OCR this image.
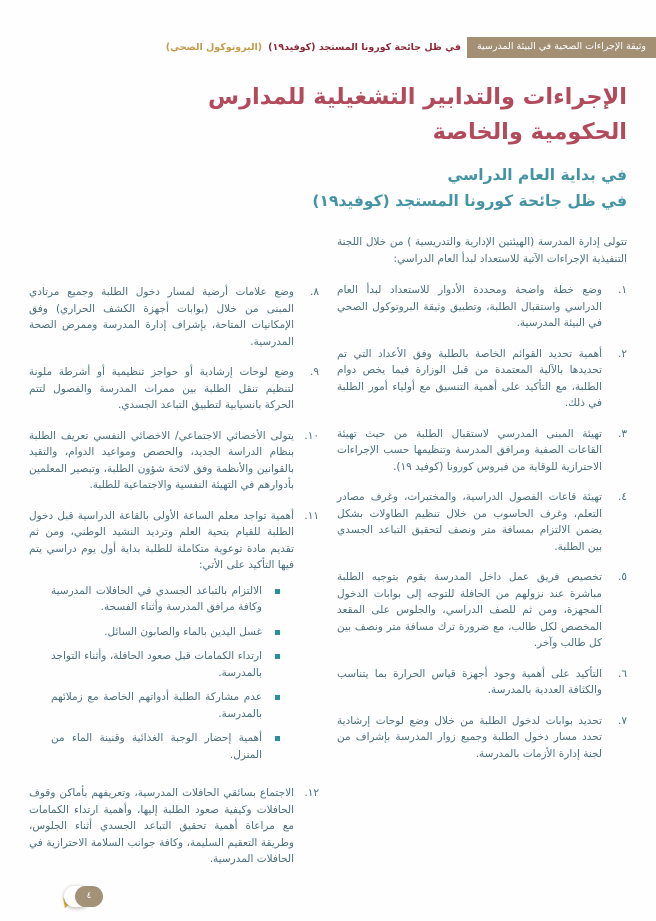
وثيقة الإجراءات الصحية في البيئة المدرسية
في ظل جائحة كورونا المستجد (كوفيد١٩)
(البروتوكول الصحي)
الإجراءات والتدابير التشغيلية للمدارس
الحكومية والخاصة
في بداية العام الدراسي
في ظل جائحة كورونا المستجد (كوفيد١٩)

تتولى إدارة المدرسة (الهيئتين الإدارية والتدريسية ) من خلال اللجنة التنفيذية الإجراءات الآتية للاستعداد لبدأ العام الدراسي:

١.

وضع خطة واضحة ومحددة الأدوار للاستعداد لبدأ العام الدراسي واستقبال الطلبة، وتطبيق وثيقة البروتوكول الصحي في البيئة المدرسية.

٢.

أهمية تحديد القوائم الخاصة بالطلبة وفق الأعداد التي تم تحديدها بالآلية المعتمدة من قبل الوزارة فيما يخص دوام الطلبة، مع التأكيد على أهمية التنسيق مع أولياء أمور الطلبة في ذلك.

٣.

تهيئة المبنى المدرسي لاستقبال الطلبة من حيث تهيئة القاعات الصفية ومرافق المدرسة وتنظيمها حسب الإجراءات الاحترازية للوقاية من فيروس كورونا (كوفيد ١٩).

٤.

تهيئة قاعات الفصول الدراسية، والمختبرات، وغرف مصادر التعلم، وغرف الحاسوب من خلال تنظيم الطاولات بشكل يضمن الالتزام بمسافة متر ونصف لتحقيق التباعد الجسدي بين الطلبة.

٥.

تخصيص فريق عمل داخل المدرسة يقوم بتوجيه الطلبة مباشرة عند نزولهم من الحافلة للتوجه إلى بوابات الدخول المجهزة، ومن ثم للصف الدراسي، والجلوس على المقعد المخصص لكل طالب، مع ضرورة ترك مسافة متر ونصف بين كل طالب وآخر.

٦.

التأكيد على أهمية وجود أجهزة قياس الحرارة بما يتناسب والكثافة العددية بالمدرسة.

٧.

تحديد بوابات لدخول الطلبة من خلال وضع لوحات إرشادية تحدد مسار دخول الطلبة وجميع زوار المدرسة بإشراف من لجنة إدارة الأزمات بالمدرسة.

٨.

وضع علامات أرضية لمسار دخول الطلبة وجميع مرتادي المبنى من خلال (بوابات أجهزة الكشف الحراري) وفق الإمكانيات المتاحة، بإشراف إدارة المدرسة وممرض الصحة المدرسية.

٩.

وضع لوحات إرشادية أو حواجز تنظيمية أو أشرطة ملونة لتنظيم تنقل الطلبة بين ممرات المدرسة والفصول لتتم الحركة بانسيابية لتطبيق التباعد الجسدي.

١٠.

يتولى الأخصائي الاجتماعي/ الاخصائي النفسي تعريف الطلبة بنظام الدراسة الجديد، والحصص ومواعيد الدوام، والتقيد بالقوانين والأنظمة وفق لائحة شؤون الطلبة، وتبصير المعلمين بأدوارهم في التهيئة النفسية والاجتماعية للطلبة.

١١.

أهمية تواجد معلم الساعة الأولى بالقاعة الدراسية قبل دخول الطلبة للقيام بتحية العلم وترديد النشيد الوطني، ومن ثم تقديم مادة توعوية متكاملة للطلبة بداية أول يوم دراسي يتم فيها التأكيد على الأتي:

الالتزام بالتباعد الجسدي في الحافلات المدرسية وكافة مرافق المدرسة وأثناء الفسحة.

غسل اليدين بالماء والصابون السائل.

ارتداء الكمامات قبل صعود الحافلة، وأثناء التواجد بالمدرسة.

عدم مشاركة الطلبة أدواتهم الخاصة مع زملائهم بالمدرسة.

أهمية إحضار الوجبة الغذائية وقنينة الماء من المنزل.

١٢.

الاجتماع بسائقي الحافلات المدرسية، وتعريفهم بأماكن وقوف الحافلات وكيفية صعود الطلبة إليها، وأهمية ارتداء الكمامات مع مراعاة أهمية تحقيق التباعد الجسدي أثناء الجلوس، وطريقة التعقيم السليمة، وكافة جوانب السلامة الاحترازية في الحافلات المدرسية.

٤
